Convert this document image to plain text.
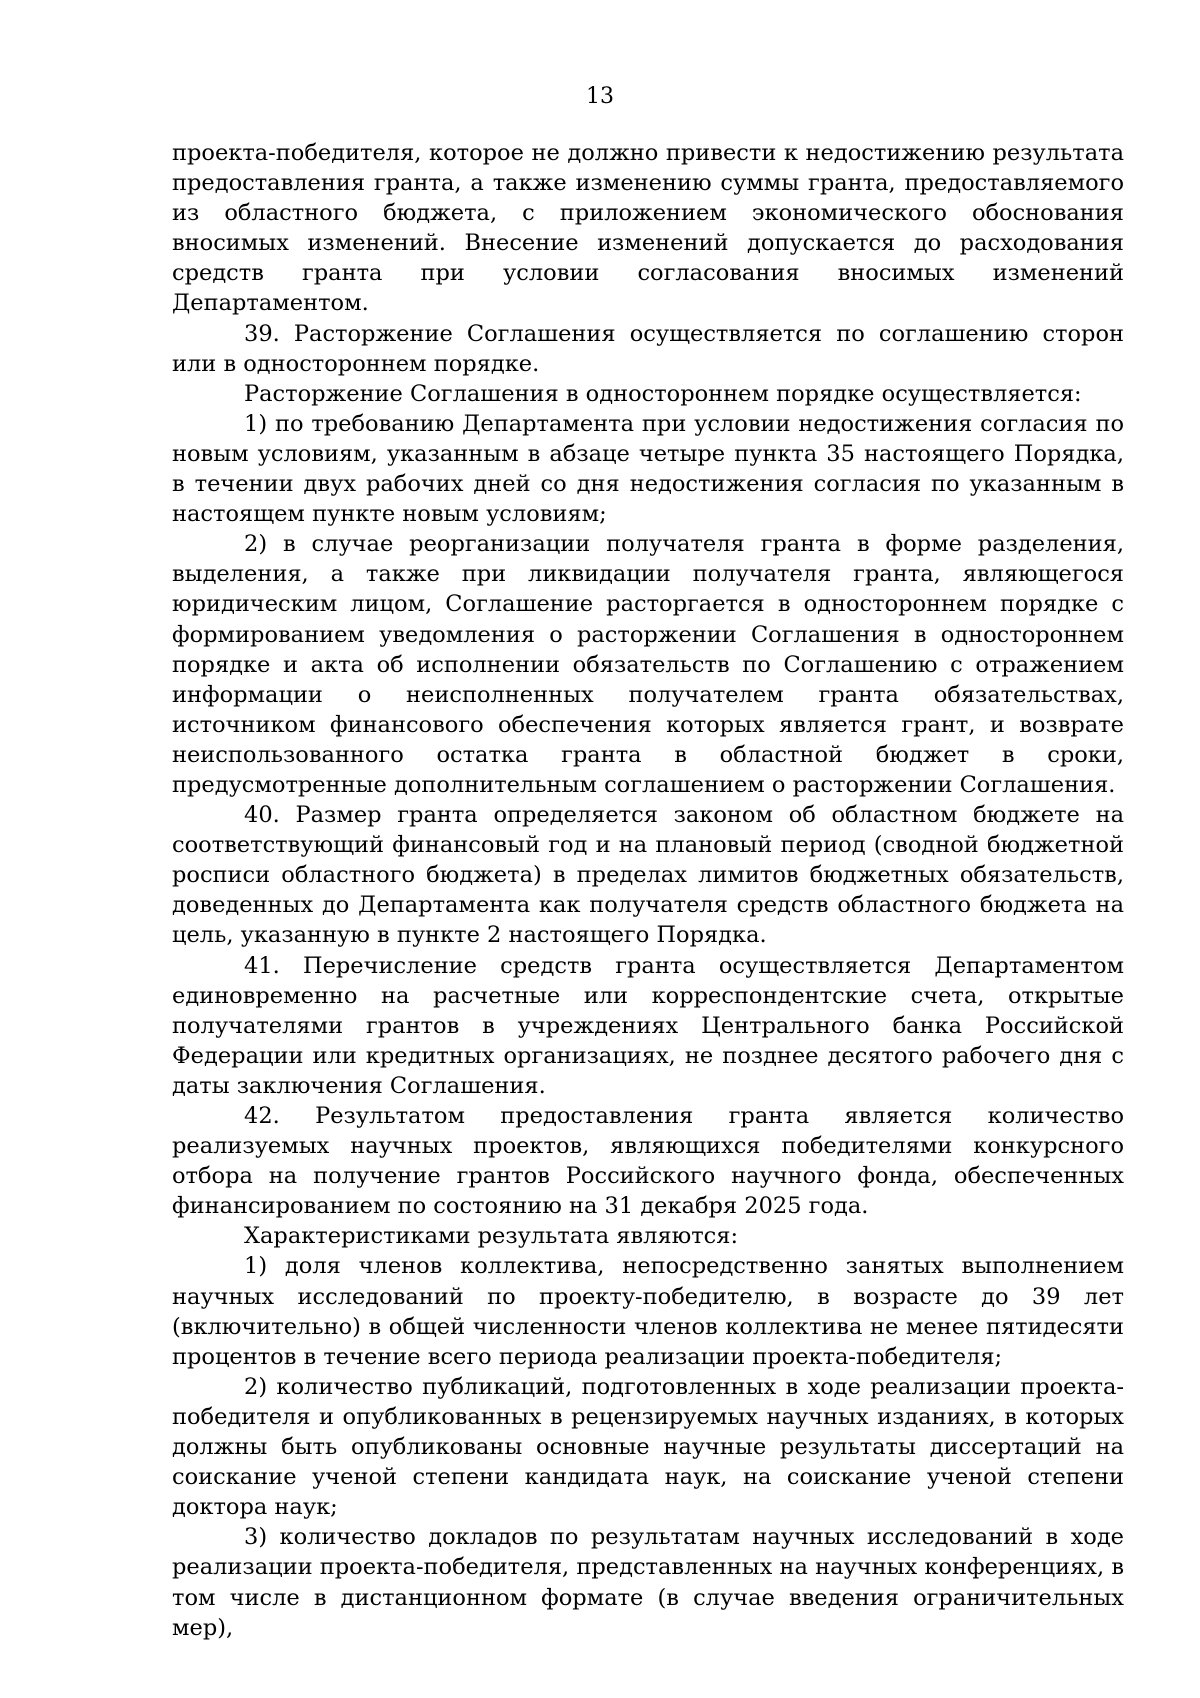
13

проекта-победителя, которое не должно привести к недостижению результата предоставления гранта, а также изменению суммы гранта, предоставляемого из областного бюджета, с приложением экономического обоснования вносимых изменений. Внесение изменений допускается до расходования средств гранта при условии согласования вносимых изменений Департаментом.

39. Расторжение Соглашения осуществляется по соглашению сторон или в одностороннем порядке.

Расторжение Соглашения в одностороннем порядке осуществляется:

1) по требованию Департамента при условии недостижения согласия по новым условиям, указанным в абзаце четыре пункта 35 настоящего Порядка, в течении двух рабочих дней со дня недостижения согласия по указанным в настоящем пункте новым условиям;

2) в случае реорганизации получателя гранта в форме разделения, выделения, а также при ликвидации получателя гранта, являющегося юридическим лицом, Соглашение расторгается в одностороннем порядке с формированием уведомления о расторжении Соглашения в одностороннем порядке и акта об исполнении обязательств по Соглашению с отражением информации о неисполненных получателем гранта обязательствах, источником финансового обеспечения которых является грант, и возврате неиспользованного остатка гранта в областной бюджет в сроки, предусмотренные дополнительным соглашением о расторжении Соглашения.

40. Размер гранта определяется законом об областном бюджете на соответствующий финансовый год и на плановый период (сводной бюджетной росписи областного бюджета) в пределах лимитов бюджетных обязательств, доведенных до Департамента как получателя средств областного бюджета на цель, указанную в пункте 2 настоящего Порядка.

41. Перечисление средств гранта осуществляется Департаментом единовременно на расчетные или корреспондентские счета, открытые получателями грантов в учреждениях Центрального банка Российской Федерации или кредитных организациях, не позднее десятого рабочего дня с даты заключения Соглашения.

42. Результатом предоставления гранта является количество реализуемых научных проектов, являющихся победителями конкурсного отбора на получение грантов Российского научного фонда, обеспеченных финансированием по состоянию на 31 декабря 2025 года.

Характеристиками результата являются:

1) доля членов коллектива, непосредственно занятых выполнением научных исследований по проекту-победителю, в возрасте до 39 лет (включительно) в общей численности членов коллектива не менее пятидесяти процентов в течение всего периода реализации проекта-победителя;

2) количество публикаций, подготовленных в ходе реализации проекта-победителя и опубликованных в рецензируемых научных изданиях, в которых должны быть опубликованы основные научные результаты диссертаций на соискание ученой степени кандидата наук, на соискание ученой степени доктора наук;

3) количество докладов по результатам научных исследований в ходе реализации проекта-победителя, представленных на научных конференциях, в том числе в дистанционном формате (в случае введения ограничительных мер),
